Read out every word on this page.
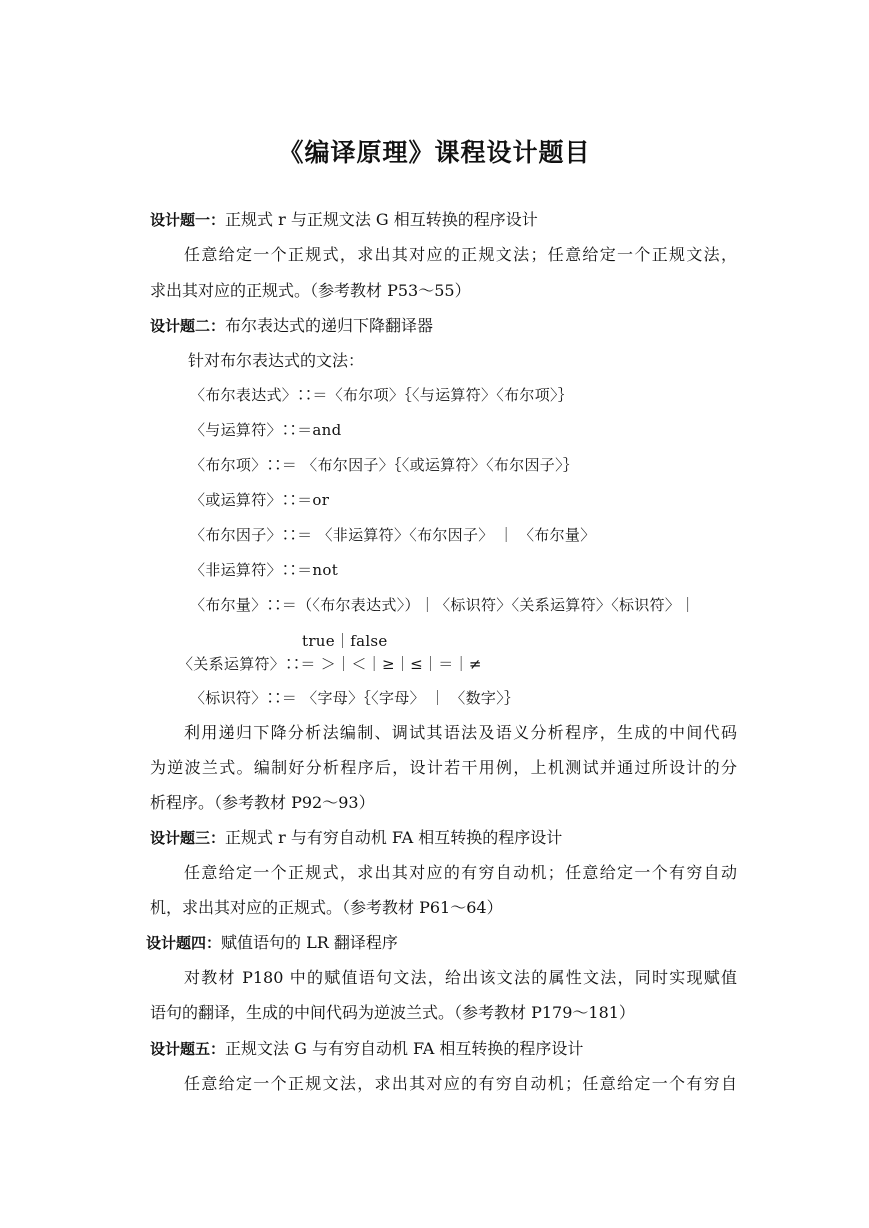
《编译原理》课程设计题目
设计题一：正规式 r 与正规文法 G 相互转换的程序设计
任意给定一个正规式，求出其对应的正规文法；任意给定一个正规文法，
求出其对应的正规式。（参考教材 P53～55）
设计题二：布尔表达式的递归下降翻译器
针对布尔表达式的文法：
〈布尔表达式〉∷＝〈布尔项〉｛〈与运算符〉〈布尔项〉｝
〈与运算符〉∷＝and
〈布尔项〉∷＝ 〈布尔因子〉｛〈或运算符〉〈布尔因子〉｝
〈或运算符〉∷＝or
〈布尔因子〉∷＝ 〈非运算符〉〈布尔因子〉 ｜ 〈布尔量〉
〈非运算符〉∷＝not
〈布尔量〉∷＝（〈布尔表达式〉）｜〈标识符〉〈关系运算符〉〈标识符〉｜
true｜false
〈关系运算符〉∷＝ ＞｜＜｜≥｜≤｜＝｜≠
〈标识符〉∷＝ 〈字母〉｛〈字母〉 ｜ 〈数字〉｝
利用递归下降分析法编制、调试其语法及语义分析程序，生成的中间代码
为逆波兰式。编制好分析程序后，设计若干用例，上机测试并通过所设计的分
析程序。（参考教材 P92～93）
设计题三：正规式 r 与有穷自动机 FA 相互转换的程序设计
任意给定一个正规式，求出其对应的有穷自动机；任意给定一个有穷自动
机，求出其对应的正规式。（参考教材 P61～64）
设计题四：赋值语句的 LR 翻译程序
对教材 P180 中的赋值语句文法，给出该文法的属性文法，同时实现赋值
语句的翻译，生成的中间代码为逆波兰式。（参考教材 P179～181）
设计题五：正规文法 G 与有穷自动机 FA 相互转换的程序设计
任意给定一个正规文法，求出其对应的有穷自动机；任意给定一个有穷自
